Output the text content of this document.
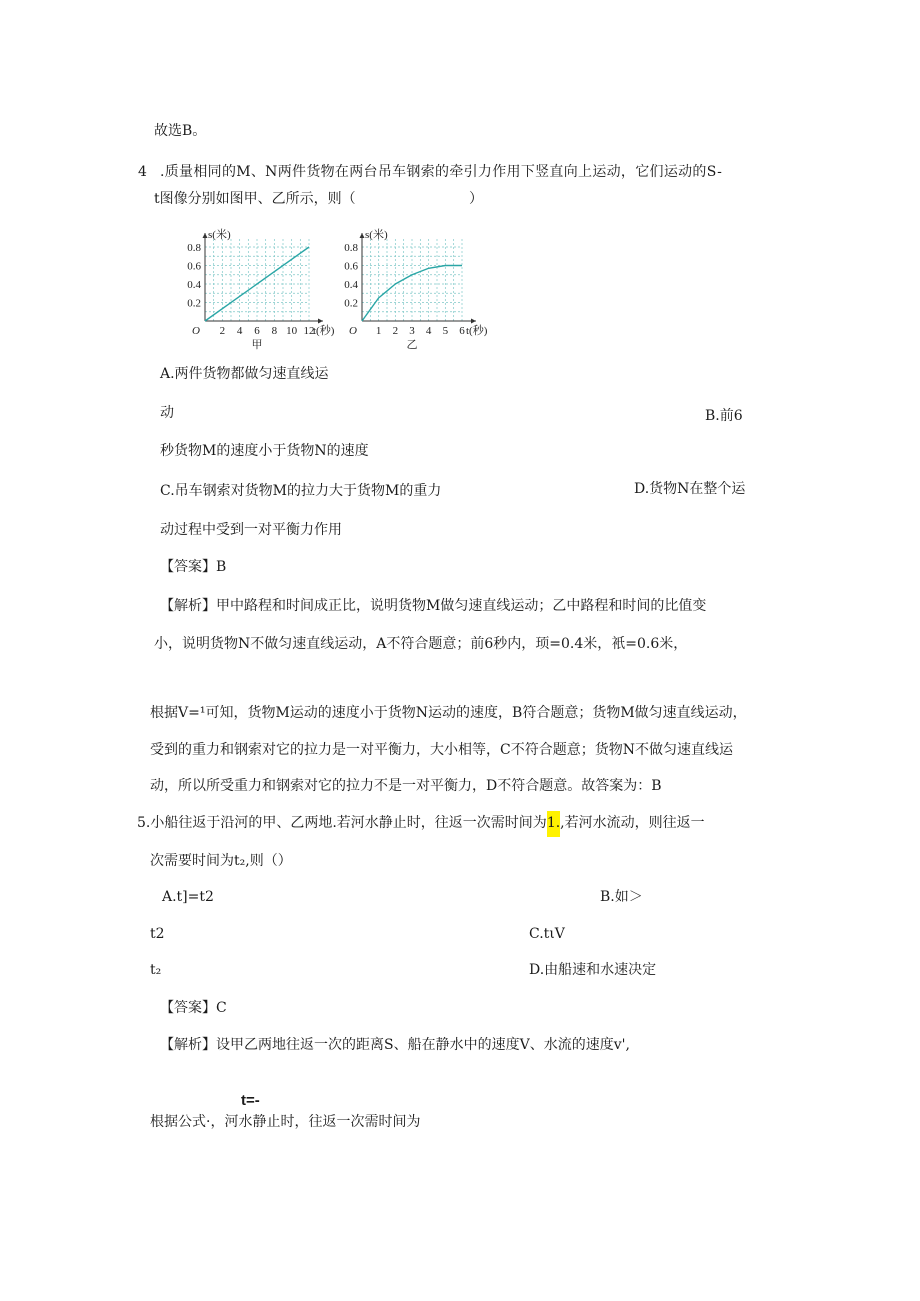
故选B。
4 .质量相同的M、N两件货物在两台吊车钢索的牵引力作用下竖直向上运动，它们运动的S-
t图像分别如图甲、乙所示，则（	）
0.2
0.4
0.6
0.8
2 4 6 8 10 12
O
s(米)
t(秒)
甲
0.2
0.4
0.6
0.8
1 2 3 4 5 6
O
s(米)
t(秒)
乙
A.两件货物都做匀速直线运
动	B.前6
秒货物M的速度小于货物N的速度
C.吊车钢索对货物M的拉力大于货物M的重力	D.货物N在整个运
动过程中受到一对平衡力作用
【答案】B
【解析】甲中路程和时间成正比，说明货物M做匀速直线运动；乙中路程和时间的比值变
小，说明货物N不做匀速直线运动，A不符合题意；前6秒内，顼=0.4米，衹=0.6米，
根据V=¹可知，货物M运动的速度小于货物N运动的速度，B符合题意；货物M做匀速直线运动，
受到的重力和钢索对它的拉力是一对平衡力，大小相等，C不符合题意；货物N不做匀速直线运
动，所以所受重力和钢索对它的拉力不是一对平衡力，D不符合题意。故答案为：B
5.小船往返于沿河的甲、乙两地.若河水静止时，往返一次需时间为1.,若河水流动，则往返一
次需要时间为t₂,则（）
A.t]=t2	B.如＞
t2	C.tιV
t₂	D.由船速和水速决定
【答案】C
【解析】设甲乙两地往返一次的距离S、船在静水中的速度V、水流的速度v',
t=-
根据公式·，河水静止时，往返一次需时间为
